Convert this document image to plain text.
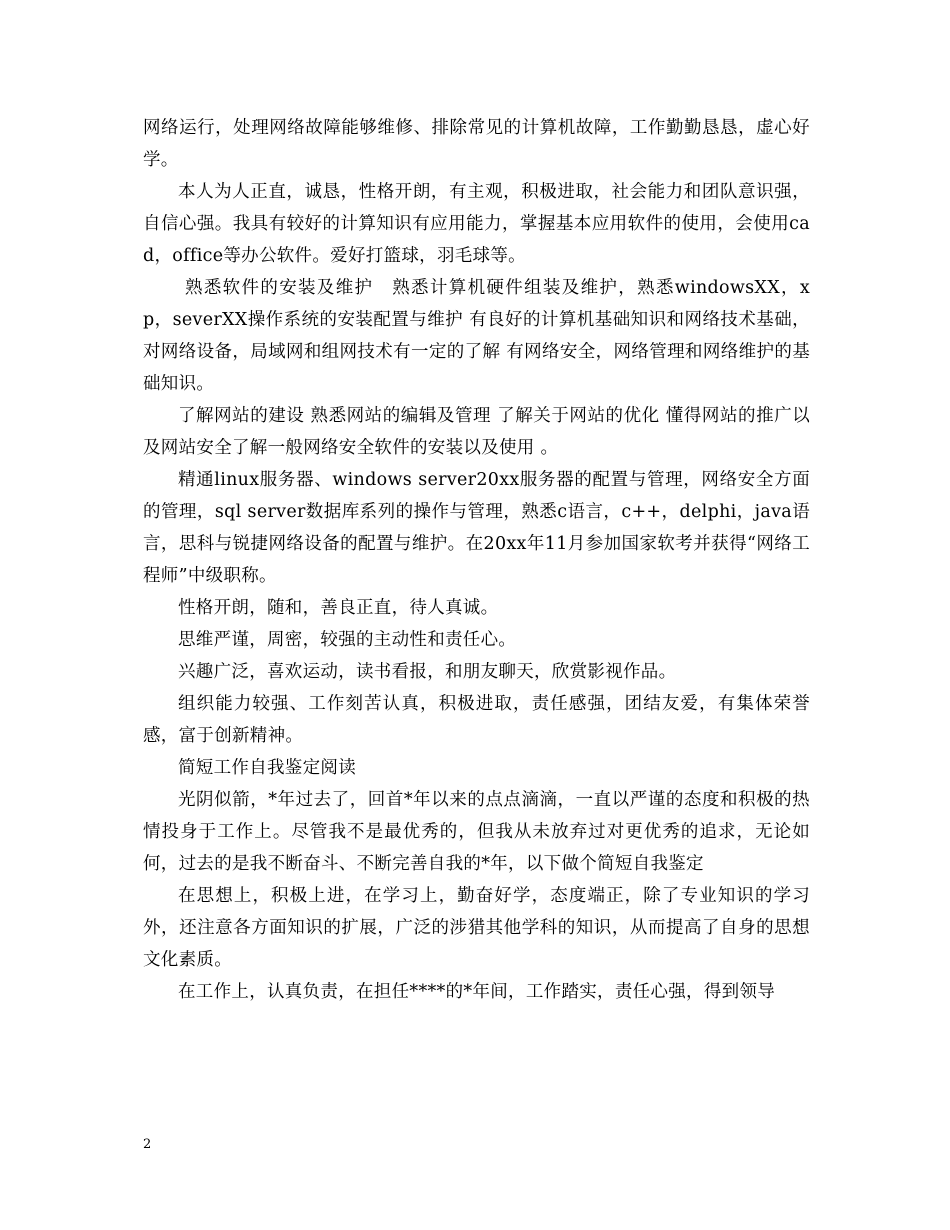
网络运行，处理网络故障能够维修、排除常见的计算机故障，工作勤勤恳恳，虚心好学。

本人为人正直，诚恳，性格开朗，有主观，积极进取，社会能力和团队意识强，自信心强。我具有较好的计算知识有应用能力，掌握基本应用软件的使用，会使用cad，office等办公软件。爱好打篮球，羽毛球等。

熟悉软件的安装及维护　熟悉计算机硬件组装及维护，熟悉windowsXX，xp，severXX操作系统的安装配置与维护 有良好的计算机基础知识和网络技术基础，对网络设备，局域网和组网技术有一定的了解 有网络安全，网络管理和网络维护的基础知识。

了解网站的建设 熟悉网站的编辑及管理 了解关于网站的优化 懂得网站的推广以及网站安全了解一般网络安全软件的安装以及使用 。

精通linux服务器、windows server20xx服务器的配置与管理，网络安全方面的管理，sql server数据库系列的操作与管理，熟悉c语言，c++，delphi，java语言，思科与锐捷网络设备的配置与维护。在20xx年11月参加国家软考并获得“网络工程师”中级职称。

性格开朗，随和，善良正直，待人真诚。

思维严谨，周密，较强的主动性和责任心。

兴趣广泛，喜欢运动，读书看报，和朋友聊天，欣赏影视作品。

组织能力较强、工作刻苦认真，积极进取，责任感强，团结友爱，有集体荣誉感，富于创新精神。

简短工作自我鉴定阅读

光阴似箭，*年过去了，回首*年以来的点点滴滴，一直以严谨的态度和积极的热情投身于工作上。尽管我不是最优秀的，但我从未放弃过对更优秀的追求，无论如何，过去的是我不断奋斗、不断完善自我的*年，以下做个简短自我鉴定

在思想上，积极上进，在学习上，勤奋好学，态度端正，除了专业知识的学习外，还注意各方面知识的扩展，广泛的涉猎其他学科的知识，从而提高了自身的思想文化素质。

在工作上，认真负责，在担任****的*年间，工作踏实，责任心强，得到领导

2
